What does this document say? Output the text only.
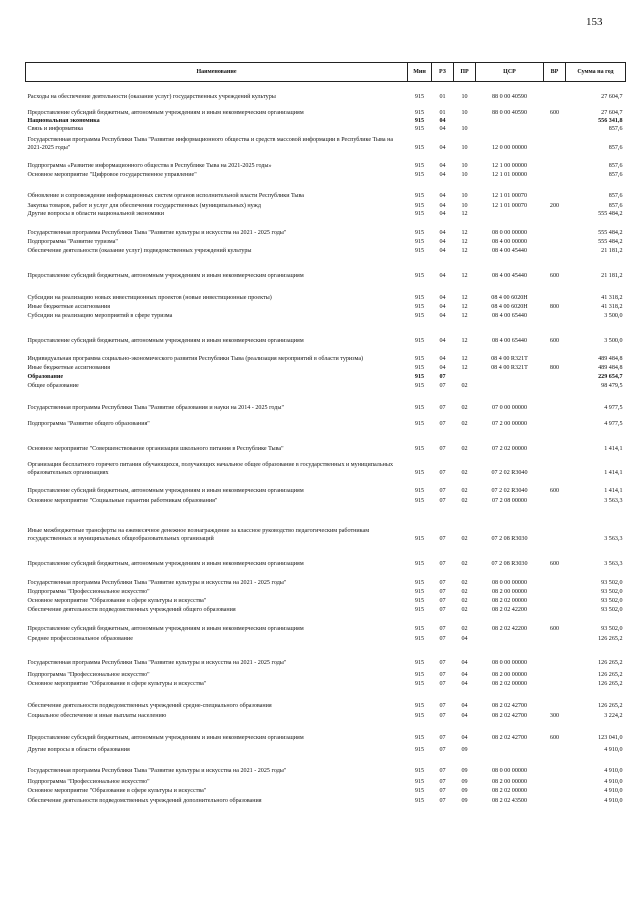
153
Наименование	Мин	РЗ	ПР	ЦСР	ВР	Сумма на год
Расходы на обеспечение деятельности (оказание услуг) государственных учреждений культуры	915	01	10	88 0 00 40590		27 604,7
Предоставление субсидий бюджетным, автономным учреждениям и иным некоммерческим организациям	915	01	10	88 0 00 40590	600	27 604,7
Национальная экономика	915	04				556 341,8
Связь и информатика	915	04	10			857,6
Государственная программа Республики Тыва "Развитие информационного общества и средств массовой информации в Республике Тыва на 2021-2025 годы"	915	04	10	12 0 00 00000		857,6
Подпрограмма «Развитие информационного общества в Республике Тыва на 2021-2025 годы»	915	04	10	12 1 00 00000		857,6
Основное мероприятие "Цифровое государственное управление"	915	04	10	12 1 01 00000		857,6
Обновление и сопровождение информационных систем органов исполнительной власти Республики Тыва	915	04	10	12 1 01 00070		857,6
Закупка товаров, работ и услуг для обеспечения государственных (муниципальных) нужд	915	04	10	12 1 01 00070	200	857,6
Другие вопросы в области национальной экономики	915	04	12			555 484,2
Государственная программа Республики Тыва "Развитие культуры и искусства на 2021 - 2025 годы"	915	04	12	08 0 00 00000		555 484,2
Подпрограмма "Развитие туризма"	915	04	12	08 4 00 00000		555 484,2
Обеспечение деятельности (оказание услуг) подведомственных учреждений культуры	915	04	12	08 4 00 45440		21 181,2
Предоставление субсидий бюджетным, автономным учреждениям и иным некоммерческим организациям	915	04	12	08 4 00 45440	600	21 181,2
Субсидии на реализацию новых инвестиционных проектов (новые инвестиционные проекты)	915	04	12	08 4 00 6020Н		41 318,2
Иные бюджетные ассигнования	915	04	12	08 4 00 6020Н	800	41 318,2
Субсидии на реализацию мероприятий в сфере туризма	915	04	12	08 4 00 65440		3 500,0
Предоставление субсидий бюджетным, автономным учреждениям и иным некоммерческим организациям	915	04	12	08 4 00 65440	600	3 500,0
Индивидуальная программа социально-экономического развития Республики Тыва (реализация мероприятий в области туризма)	915	04	12	08 4 00 R321Т		489 484,8
Иные бюджетные ассигнования	915	04	12	08 4 00 R321Т	800	489 484,8
Образование	915	07				229 654,7
Общее образование	915	07	02			98 479,5
Государственная программа Республики Тыва "Развитие образования и науки на 2014 - 2025 годы"	915	07	02	07 0 00 00000		4 977,5
Подпрограмма "Развитие общего образования"	915	07	02	07 2 00 00000		4 977,5
Основное мероприятие "Совершенствование организации школьного питания в Республике Тыва"	915	07	02	07 2 02 00000		1 414,1
Организация бесплатного горячего питания обучающихся, получающих начальное общее образование в государственных и муниципальных образовательных организациях	915	07	02	07 2 02 R3040		1 414,1
Предоставление субсидий бюджетным, автономным учреждениям и иным некоммерческим организациям	915	07	02	07 2 02 R3040	600	1 414,1
Основное мероприятие "Социальные гарантии работникам образования"	915	07	02	07 2 08 00000		3 563,3
Иные межбюджетные трансферты на ежемесячное денежное вознаграждение за классное руководство педагогическим работникам государственных и муниципальных общеобразовательных организаций	915	07	02	07 2 08 R3030		3 563,3
Предоставление субсидий бюджетным, автономным учреждениям и иным некоммерческим организациям	915	07	02	07 2 08 R3030	600	3 563,3
Государственная программа Республики Тыва "Развитие культуры и искусства на 2021 - 2025 годы"	915	07	02	08 0 00 00000		93 502,0
Подпрограмма "Профессиональное искусство"	915	07	02	08 2 00 00000		93 502,0
Основное мероприятие "Образование в сфере культуры и искусства"	915	07	02	08 2 02 00000		93 502,0
Обеспечение деятельности подведомственных учреждений общего образования	915	07	02	08 2 02 42200		93 502,0
Предоставление субсидий бюджетным, автономным учреждениям и иным некоммерческим организациям	915	07	02	08 2 02 42200	600	93 502,0
Среднее профессиональное образование	915	07	04			126 265,2
Государственная программа Республики Тыва "Развитие культуры и искусства на 2021 - 2025 годы"	915	07	04	08 0 00 00000		126 265,2
Подпрограмма "Профессиональное искусство"	915	07	04	08 2 00 00000		126 265,2
Основное мероприятие "Образование в сфере культуры и искусства"	915	07	04	08 2 02 00000		126 265,2
Обеспечение деятельности подведомственных учреждений средне-специального образования	915	07	04	08 2 02 42700		126 265,2
Социальное обеспечение и иные выплаты населению	915	07	04	08 2 02 42700	300	3 224,2
Предоставление субсидий бюджетным, автономным учреждениям и иным некоммерческим организациям	915	07	04	08 2 02 42700	600	123 041,0
Другие вопросы в области образования	915	07	09			4 910,0
Государственная программа Республики Тыва "Развитие культуры и искусства на 2021 - 2025 годы"	915	07	09	08 0 00 00000		4 910,0
Подпрограмма "Профессиональное искусство"	915	07	09	08 2 00 00000		4 910,0
Основное мероприятие "Образование в сфере культуры и искусства"	915	07	09	08 2 02 00000		4 910,0
Обеспечение деятельности подведомственных учреждений дополнительного образования	915	07	09	08 2 02 43500		4 910,0
